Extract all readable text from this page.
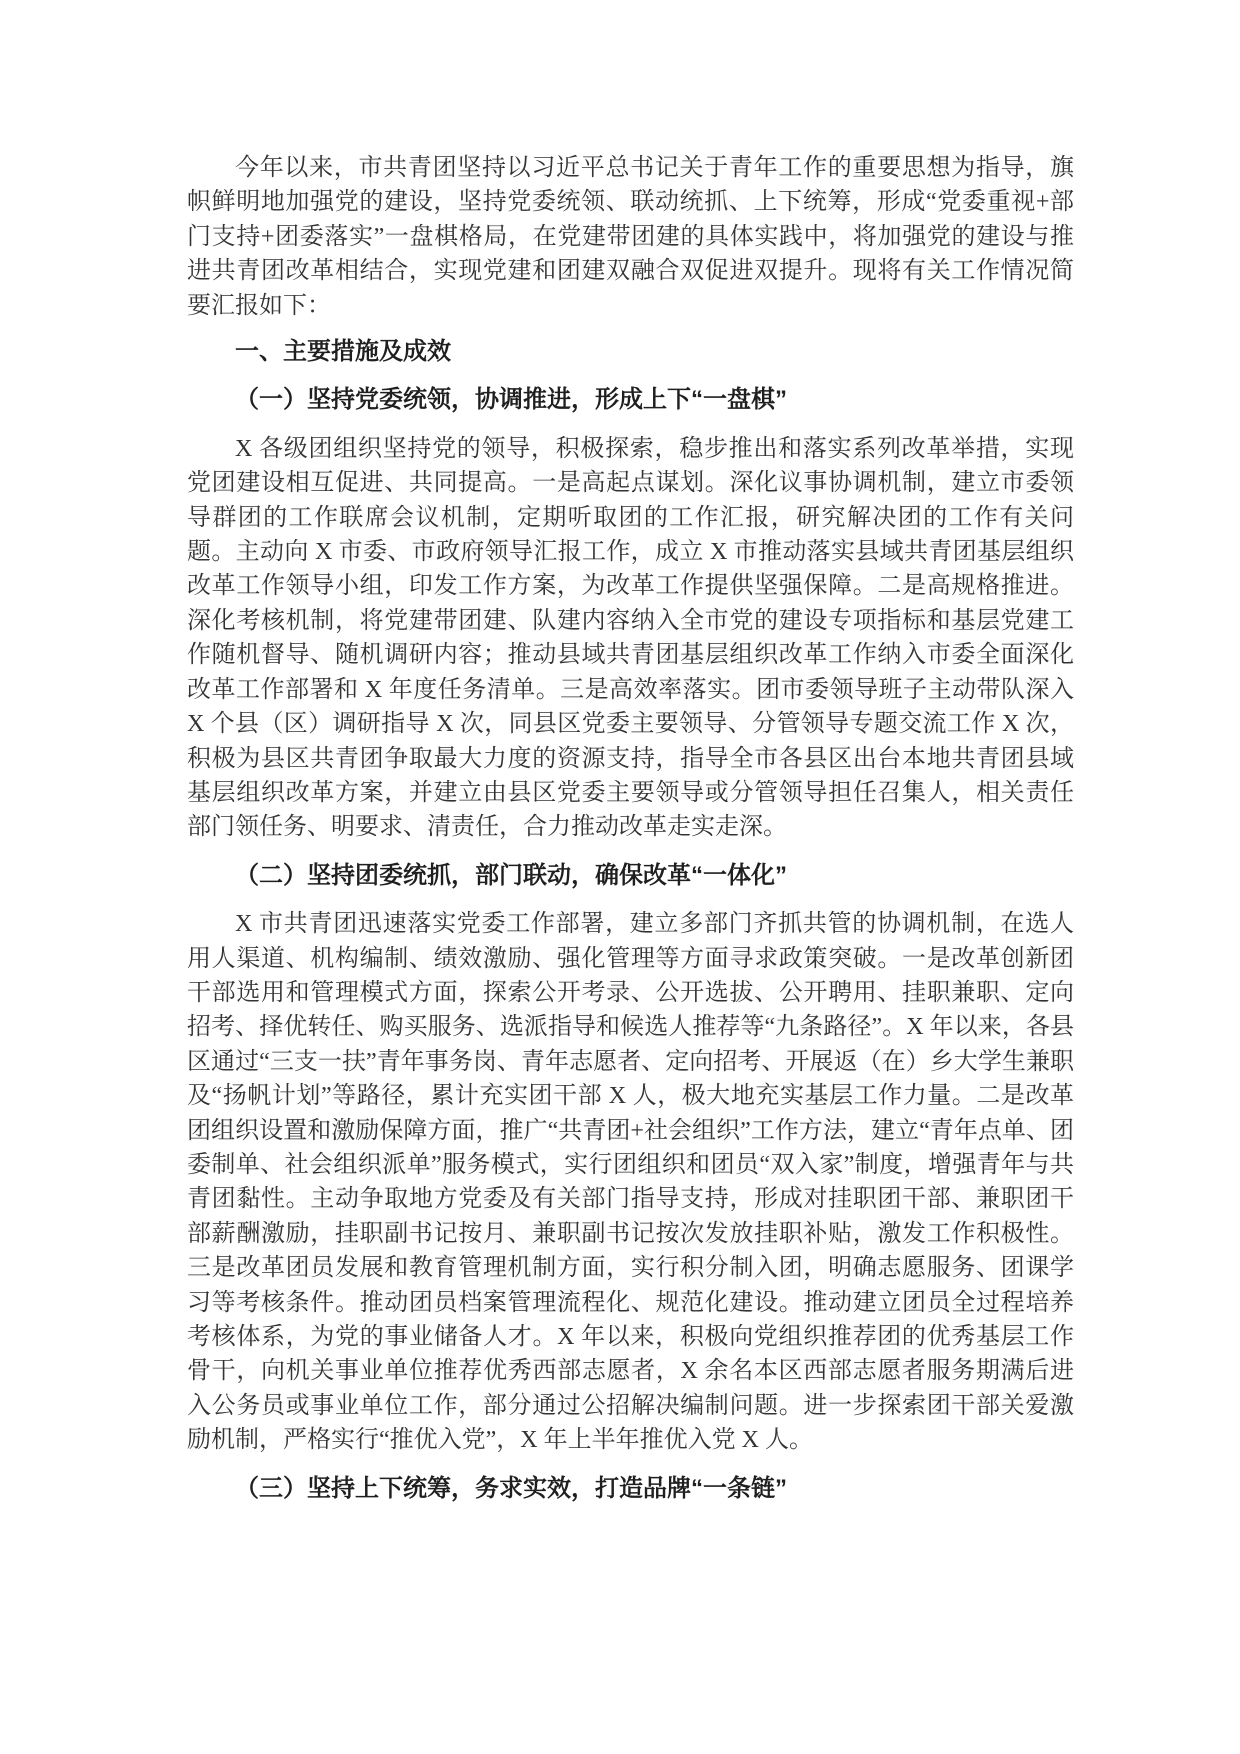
今年以来，市共青团坚持以习近平总书记关于青年工作的重要思想为指导，旗帜鲜明地加强党的建设，坚持党委统领、联动统抓、上下统筹，形成“党委重视+部门支持+团委落实”一盘棋格局，在党建带团建的具体实践中，将加强党的建设与推进共青团改革相结合，实现党建和团建双融合双促进双提升。现将有关工作情况简要汇报如下：

一、主要措施及成效
（一）坚持党委统领，协调推进，形成上下“一盘棋”

X 各级团组织坚持党的领导，积极探索，稳步推出和落实系列改革举措，实现党团建设相互促进、共同提高。一是高起点谋划。深化议事协调机制，建立市委领导群团的工作联席会议机制，定期听取团的工作汇报，研究解决团的工作有关问题。主动向 X 市委、市政府领导汇报工作，成立 X 市推动落实县域共青团基层组织改革工作领导小组，印发工作方案，为改革工作提供坚强保障。二是高规格推进。深化考核机制，将党建带团建、队建内容纳入全市党的建设专项指标和基层党建工作随机督导、随机调研内容；推动县域共青团基层组织改革工作纳入市委全面深化改革工作部署和 X 年度任务清单。三是高效率落实。团市委领导班子主动带队深入 X 个县（区）调研指导 X 次，同县区党委主要领导、分管领导专题交流工作 X 次，积极为县区共青团争取最大力度的资源支持，指导全市各县区出台本地共青团县域基层组织改革方案，并建立由县区党委主要领导或分管领导担任召集人，相关责任部门领任务、明要求、清责任，合力推动改革走实走深。

（二）坚持团委统抓，部门联动，确保改革“一体化”

X 市共青团迅速落实党委工作部署，建立多部门齐抓共管的协调机制，在选人用人渠道、机构编制、绩效激励、强化管理等方面寻求政策突破。一是改革创新团干部选用和管理模式方面，探索公开考录、公开选拔、公开聘用、挂职兼职、定向招考、择优转任、购买服务、选派指导和候选人推荐等“九条路径”。X 年以来，各县区通过“三支一扶”青年事务岗、青年志愿者、定向招考、开展返（在）乡大学生兼职及“扬帆计划”等路径，累计充实团干部 X 人，极大地充实基层工作力量。二是改革团组织设置和激励保障方面，推广“共青团+社会组织”工作方法，建立“青年点单、团委制单、社会组织派单”服务模式，实行团组织和团员“双入家”制度，增强青年与共青团黏性。主动争取地方党委及有关部门指导支持，形成对挂职团干部、兼职团干部薪酬激励，挂职副书记按月、兼职副书记按次发放挂职补贴，激发工作积极性。三是改革团员发展和教育管理机制方面，实行积分制入团，明确志愿服务、团课学习等考核条件。推动团员档案管理流程化、规范化建设。推动建立团员全过程培养考核体系，为党的事业储备人才。X 年以来，积极向党组织推荐团的优秀基层工作骨干，向机关事业单位推荐优秀西部志愿者，X 余名本区西部志愿者服务期满后进入公务员或事业单位工作，部分通过公招解决编制问题。进一步探索团干部关爱激励机制，严格实行“推优入党”，X 年上半年推优入党 X 人。

（三）坚持上下统筹，务求实效，打造品牌“一条链”
